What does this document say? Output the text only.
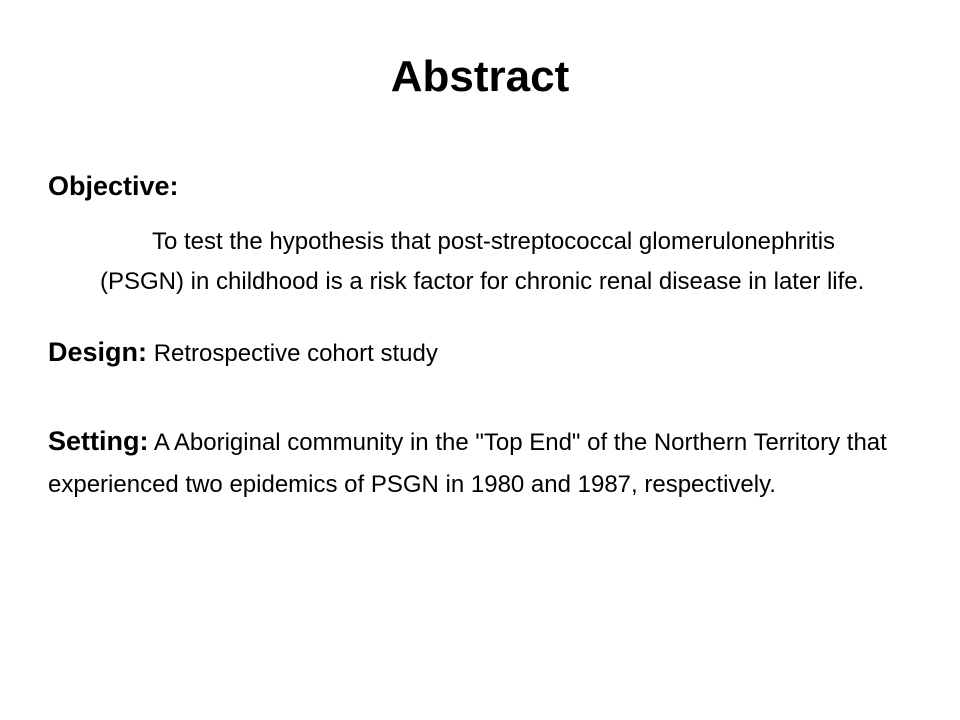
Abstract
Objective:
To test the hypothesis that post-streptococcal glomerulonephritis (PSGN) in childhood is a risk factor for chronic renal disease in later life.
Design: Retrospective cohort study
Setting: A Aboriginal community in the "Top End" of the Northern Territory that experienced two epidemics of PSGN in 1980 and 1987, respectively.
